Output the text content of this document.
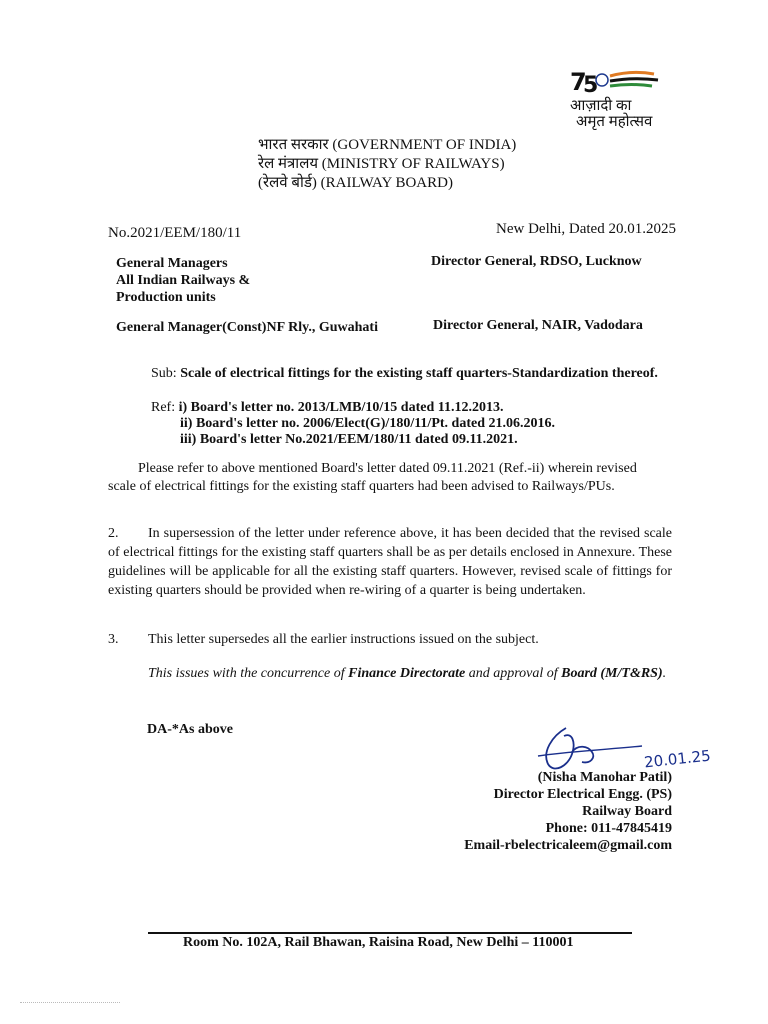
7
5
आज़ादी का
अमृत महोत्सव
भारत सरकार (GOVERNMENT OF INDIA)
रेल मंत्रालय (MINISTRY OF RAILWAYS)
(रेलवे बोर्ड) (RAILWAY BOARD)
No.2021/EEM/180/11	New Delhi, Dated 20.01.2025
General Managers
All Indian Railways &
Production units
Director General, RDSO, Lucknow
General Manager(Const)NF Rly., Guwahati	Director General, NAIR, Vadodara
Sub: Scale of electrical fittings for the existing staff quarters-Standardization thereof.
Ref: i) Board's letter no. 2013/LMB/10/15 dated 11.12.2013.
ii) Board's letter no. 2006/Elect(G)/180/11/Pt. dated 21.06.2016.
iii) Board's letter No.2021/EEM/180/11 dated 09.11.2021.
Please refer to above mentioned Board's letter dated 09.11.2021 (Ref.-ii) wherein revised
scale of electrical fittings for the existing staff quarters had been advised to Railways/PUs.
2. In supersession of the letter under reference above, it has been decided that the revised scale of electrical fittings for the existing staff quarters shall be as per details enclosed in Annexure. These guidelines will be applicable for all the existing staff quarters. However, revised scale of fittings for existing quarters should be provided when re-wiring of a quarter is being undertaken.
3. This letter supersedes all the earlier instructions issued on the subject.
This issues with the concurrence of Finance Directorate and approval of Board (M/T&RS).
DA-*As above
20.01.25
(Nisha Manohar Patil)
Director Electrical Engg. (PS)
Railway Board
Phone: 011-47845419
Email-rbelectricaleem@gmail.com
Room No. 102A, Rail Bhawan, Raisina Road, New Delhi – 110001
